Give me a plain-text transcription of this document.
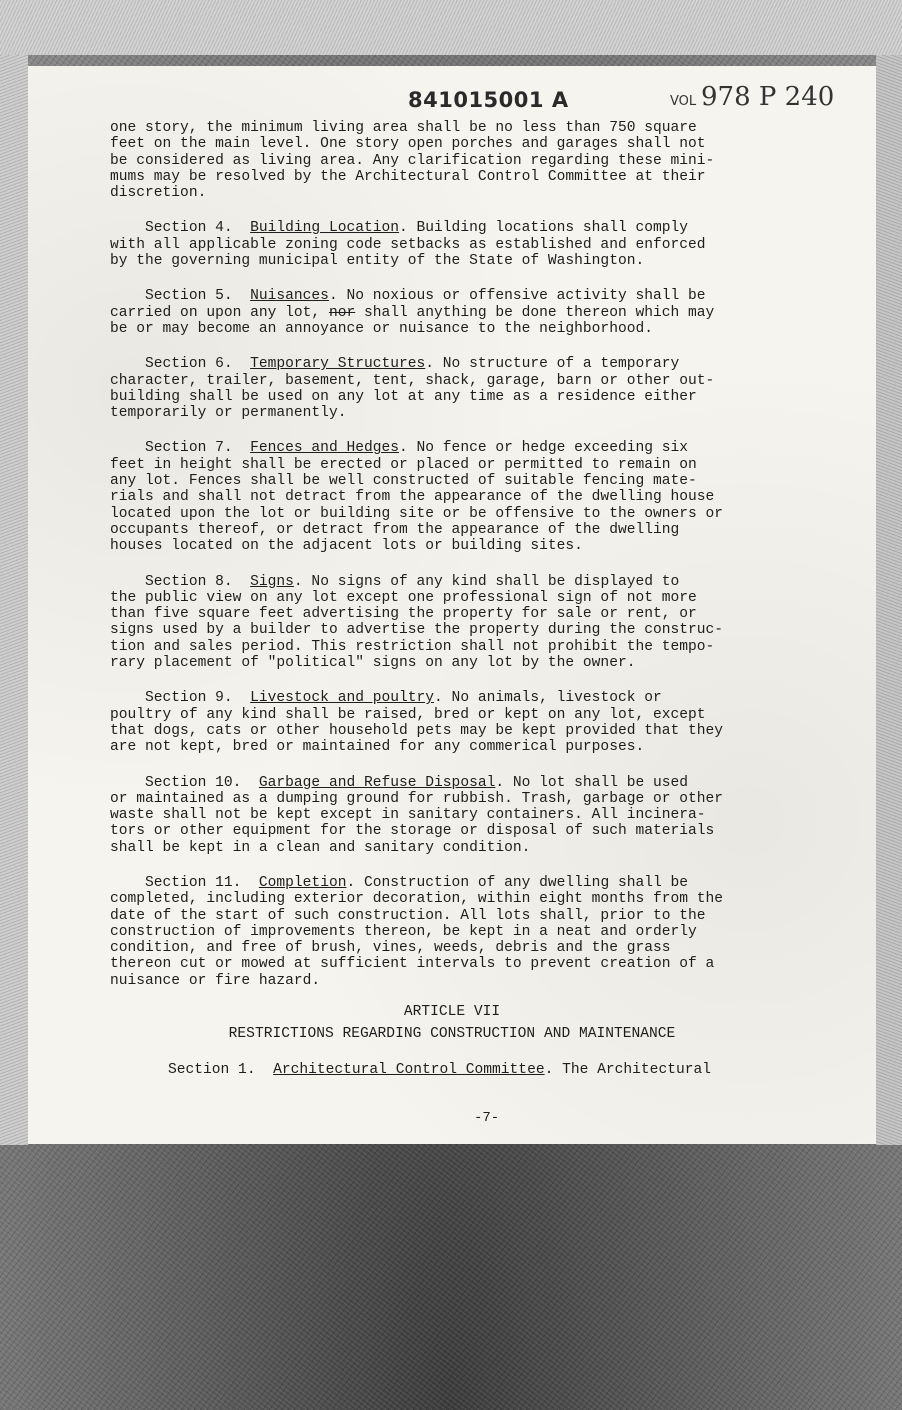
841015001 A	VOL 978 P 240
one story, the minimum living area shall be no less than 750 square
feet on the main level. One story open porches and garages shall not
be considered as living area. Any clarification regarding these mini-
mums may be resolved by the Architectural Control Committee at their
discretion.
Section 4. Building Location. Building locations shall comply
with all applicable zoning code setbacks as established and enforced
by the governing municipal entity of the State of Washington.
Section 5. Nuisances. No noxious or offensive activity shall be
carried on upon any lot, nor shall anything be done thereon which may
be or may become an annoyance or nuisance to the neighborhood.
Section 6. Temporary Structures. No structure of a temporary
character, trailer, basement, tent, shack, garage, barn or other out-
building shall be used on any lot at any time as a residence either
temporarily or permanently.
Section 7. Fences and Hedges. No fence or hedge exceeding six
feet in height shall be erected or placed or permitted to remain on
any lot. Fences shall be well constructed of suitable fencing mate-
rials and shall not detract from the appearance of the dwelling house
located upon the lot or building site or be offensive to the owners or
occupants thereof, or detract from the appearance of the dwelling
houses located on the adjacent lots or building sites.
Section 8. Signs. No signs of any kind shall be displayed to
the public view on any lot except one professional sign of not more
than five square feet advertising the property for sale or rent, or
signs used by a builder to advertise the property during the construc-
tion and sales period. This restriction shall not prohibit the tempo-
rary placement of "political" signs on any lot by the owner.
Section 9. Livestock and poultry. No animals, livestock or
poultry of any kind shall be raised, bred or kept on any lot, except
that dogs, cats or other household pets may be kept provided that they
are not kept, bred or maintained for any commerical purposes.
Section 10. Garbage and Refuse Disposal. No lot shall be used
or maintained as a dumping ground for rubbish. Trash, garbage or other
waste shall not be kept except in sanitary containers. All incinera-
tors or other equipment for the storage or disposal of such materials
shall be kept in a clean and sanitary condition.
Section 11. Completion. Construction of any dwelling shall be
completed, including exterior decoration, within eight months from the
date of the start of such construction. All lots shall, prior to the
construction of improvements thereon, be kept in a neat and orderly
condition, and free of brush, vines, weeds, debris and the grass
thereon cut or mowed at sufficient intervals to prevent creation of a
nuisance or fire hazard.
ARTICLE VII
RESTRICTIONS REGARDING CONSTRUCTION AND MAINTENANCE
Section 1. Architectural Control Committee. The Architectural
-7-
